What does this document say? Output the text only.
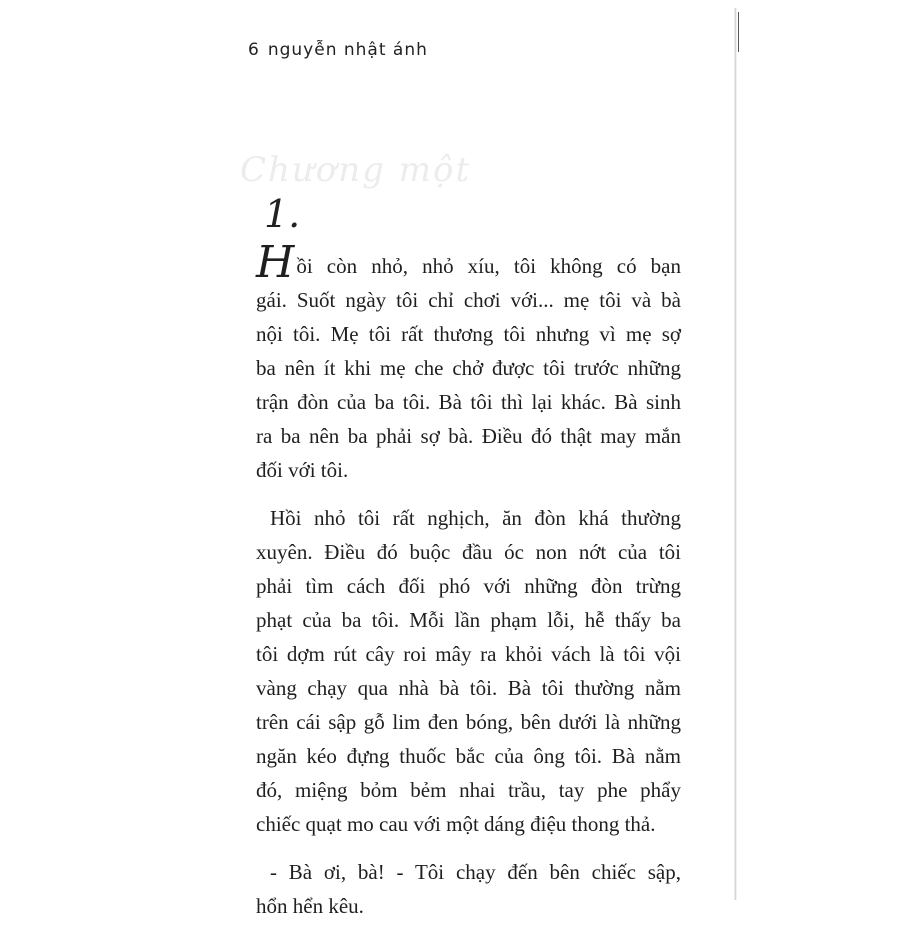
6 nguyễn nhật ánh
Chương một
1.
Hồi còn nhỏ, nhỏ xíu, tôi không có bạn
gái. Suốt ngày tôi chỉ chơi với... mẹ tôi và bà
nội tôi. Mẹ tôi rất thương tôi nhưng vì mẹ sợ
ba nên ít khi mẹ che chở được tôi trước những
trận đòn của ba tôi. Bà tôi thì lại khác. Bà sinh
ra ba nên ba phải sợ bà. Điều đó thật may mắn
đối với tôi.
Hồi nhỏ tôi rất nghịch, ăn đòn khá thường
xuyên. Điều đó buộc đầu óc non nớt của tôi
phải tìm cách đối phó với những đòn trừng
phạt của ba tôi. Mỗi lần phạm lỗi, hễ thấy ba
tôi dợm rút cây roi mây ra khỏi vách là tôi vội
vàng chạy qua nhà bà tôi. Bà tôi thường nằm
trên cái sập gỗ lim đen bóng, bên dưới là những
ngăn kéo đựng thuốc bắc của ông tôi. Bà nằm
đó, miệng bỏm bẻm nhai trầu, tay phe phẩy
chiếc quạt mo cau với một dáng điệu thong thả.
- Bà ơi, bà! - Tôi chạy đến bên chiếc sập,
hổn hển kêu.
